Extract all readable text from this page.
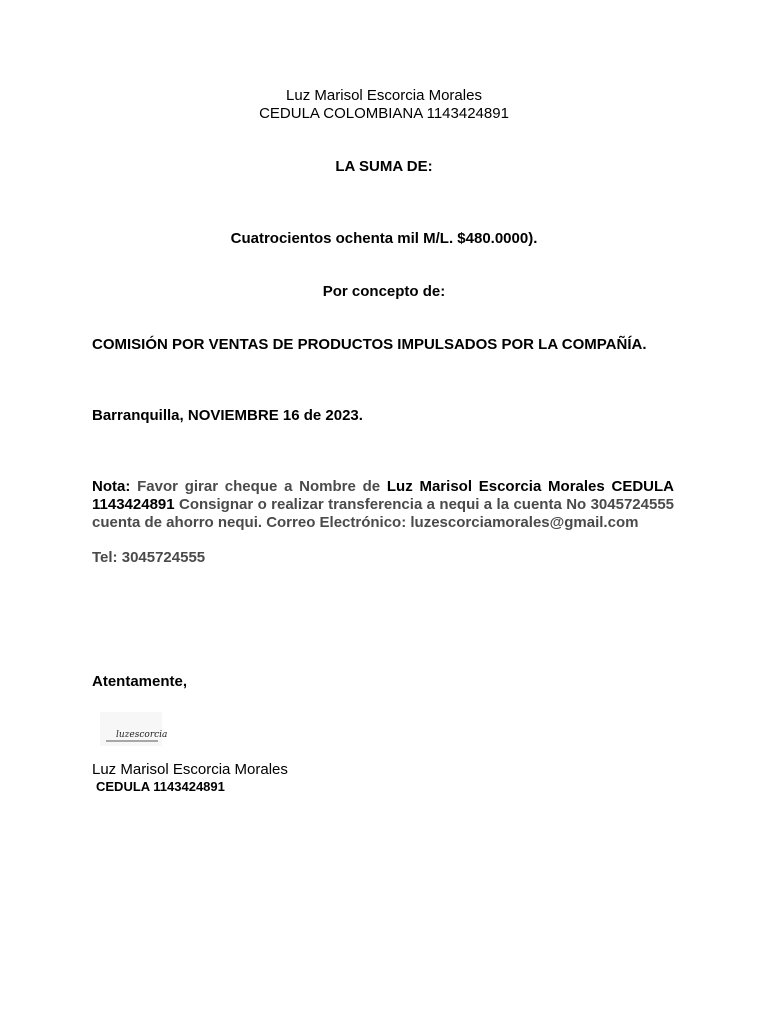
Luz Marisol Escorcia Morales
CEDULA COLOMBIANA 1143424891
LA SUMA DE:
Cuatrocientos ochenta mil M/L. $480.0000).
Por concepto de:
COMISIÓN POR VENTAS DE PRODUCTOS IMPULSADOS POR LA COMPAÑÍA.
Barranquilla, NOVIEMBRE 16 de 2023.
Nota: Favor girar cheque a Nombre de Luz Marisol Escorcia Morales CEDULA 1143424891 Consignar o realizar transferencia a nequi a la cuenta No 3045724555 cuenta de ahorro nequi. Correo Electrónico: luzescorciamorales@gmail.com
Tel: 3045724555
Atentamente,
luzescorcia
Luz Marisol Escorcia Morales
CEDULA 1143424891
